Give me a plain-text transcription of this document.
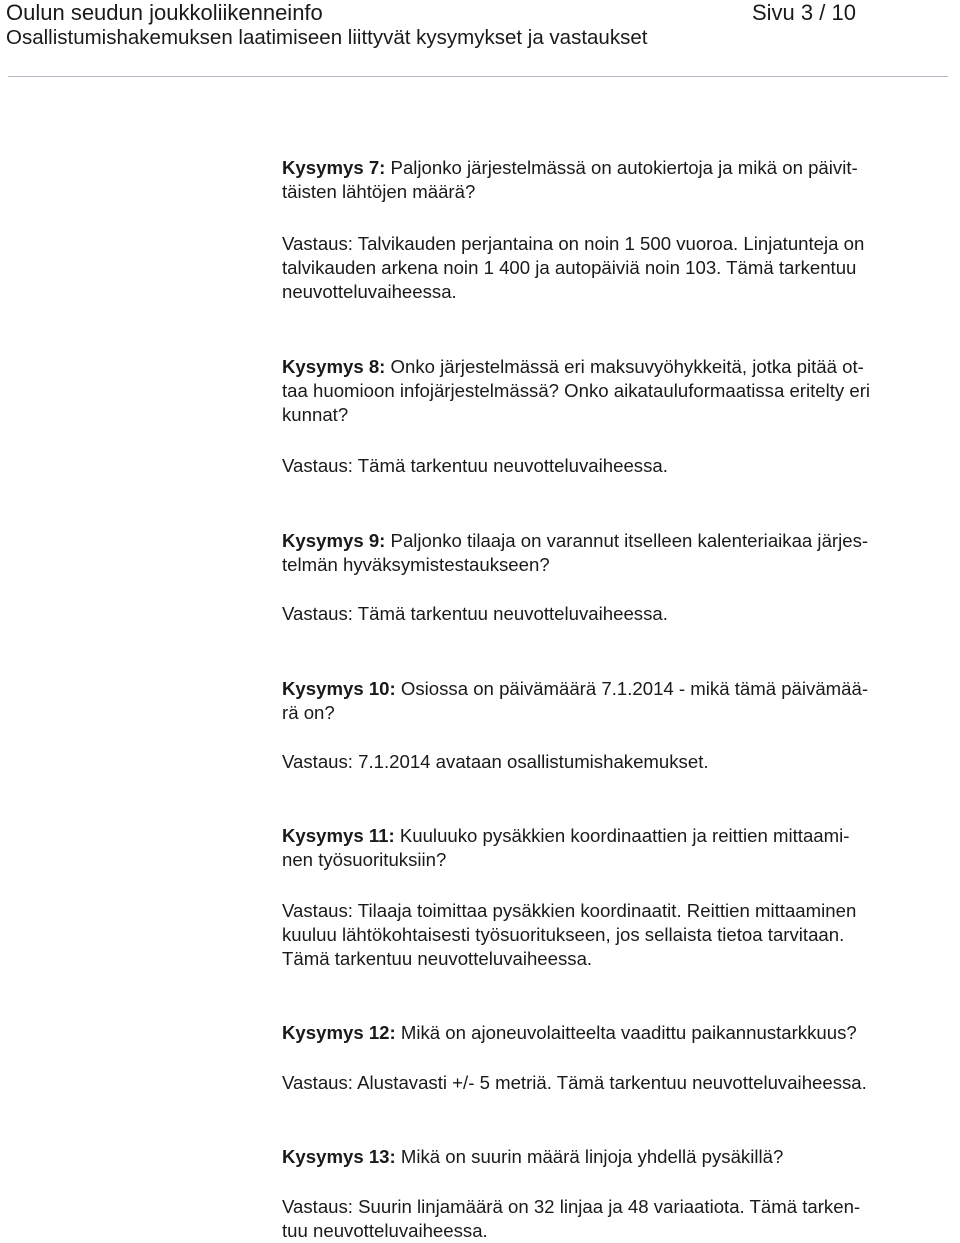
Oulun seudun joukkoliikenneinfo	Sivu 3 / 10
Osallistumishakemuksen laatimiseen liittyvät kysymykset ja vastaukset
Kysymys 7: Paljonko järjestelmässä on autokiertoja ja mikä on päivit-
täisten lähtöjen määrä?
Vastaus: Talvikauden perjantaina on noin 1 500 vuoroa. Linjatunteja on
talvikauden arkena noin 1 400 ja autopäiviä noin 103. Tämä tarkentuu
neuvotteluvaiheessa.
Kysymys 8: Onko järjestelmässä eri maksuvyöhykkeitä, jotka pitää ot-
taa huomioon infojärjestelmässä? Onko aikatauluformaatissa eritelty eri
kunnat?
Vastaus: Tämä tarkentuu neuvotteluvaiheessa.
Kysymys 9: Paljonko tilaaja on varannut itselleen kalenteriaikaa järjes-
telmän hyväksymistestaukseen?
Vastaus: Tämä tarkentuu neuvotteluvaiheessa.
Kysymys 10: Osiossa on päivämäärä 7.1.2014 - mikä tämä päivämää-
rä on?
Vastaus: 7.1.2014 avataan osallistumishakemukset.
Kysymys 11: Kuuluuko pysäkkien koordinaattien ja reittien mittaami-
nen työsuorituksiin?
Vastaus: Tilaaja toimittaa pysäkkien koordinaatit. Reittien mittaaminen
kuuluu lähtökohtaisesti työsuoritukseen, jos sellaista tietoa tarvitaan.
Tämä tarkentuu neuvotteluvaiheessa.
Kysymys 12: Mikä on ajoneuvolaitteelta vaadittu paikannustarkkuus?
Vastaus: Alustavasti +/- 5 metriä. Tämä tarkentuu neuvotteluvaiheessa.
Kysymys 13: Mikä on suurin määrä linjoja yhdellä pysäkillä?
Vastaus: Suurin linjamäärä on 32 linjaa ja 48 variaatiota. Tämä tarken-
tuu neuvotteluvaiheessa.
